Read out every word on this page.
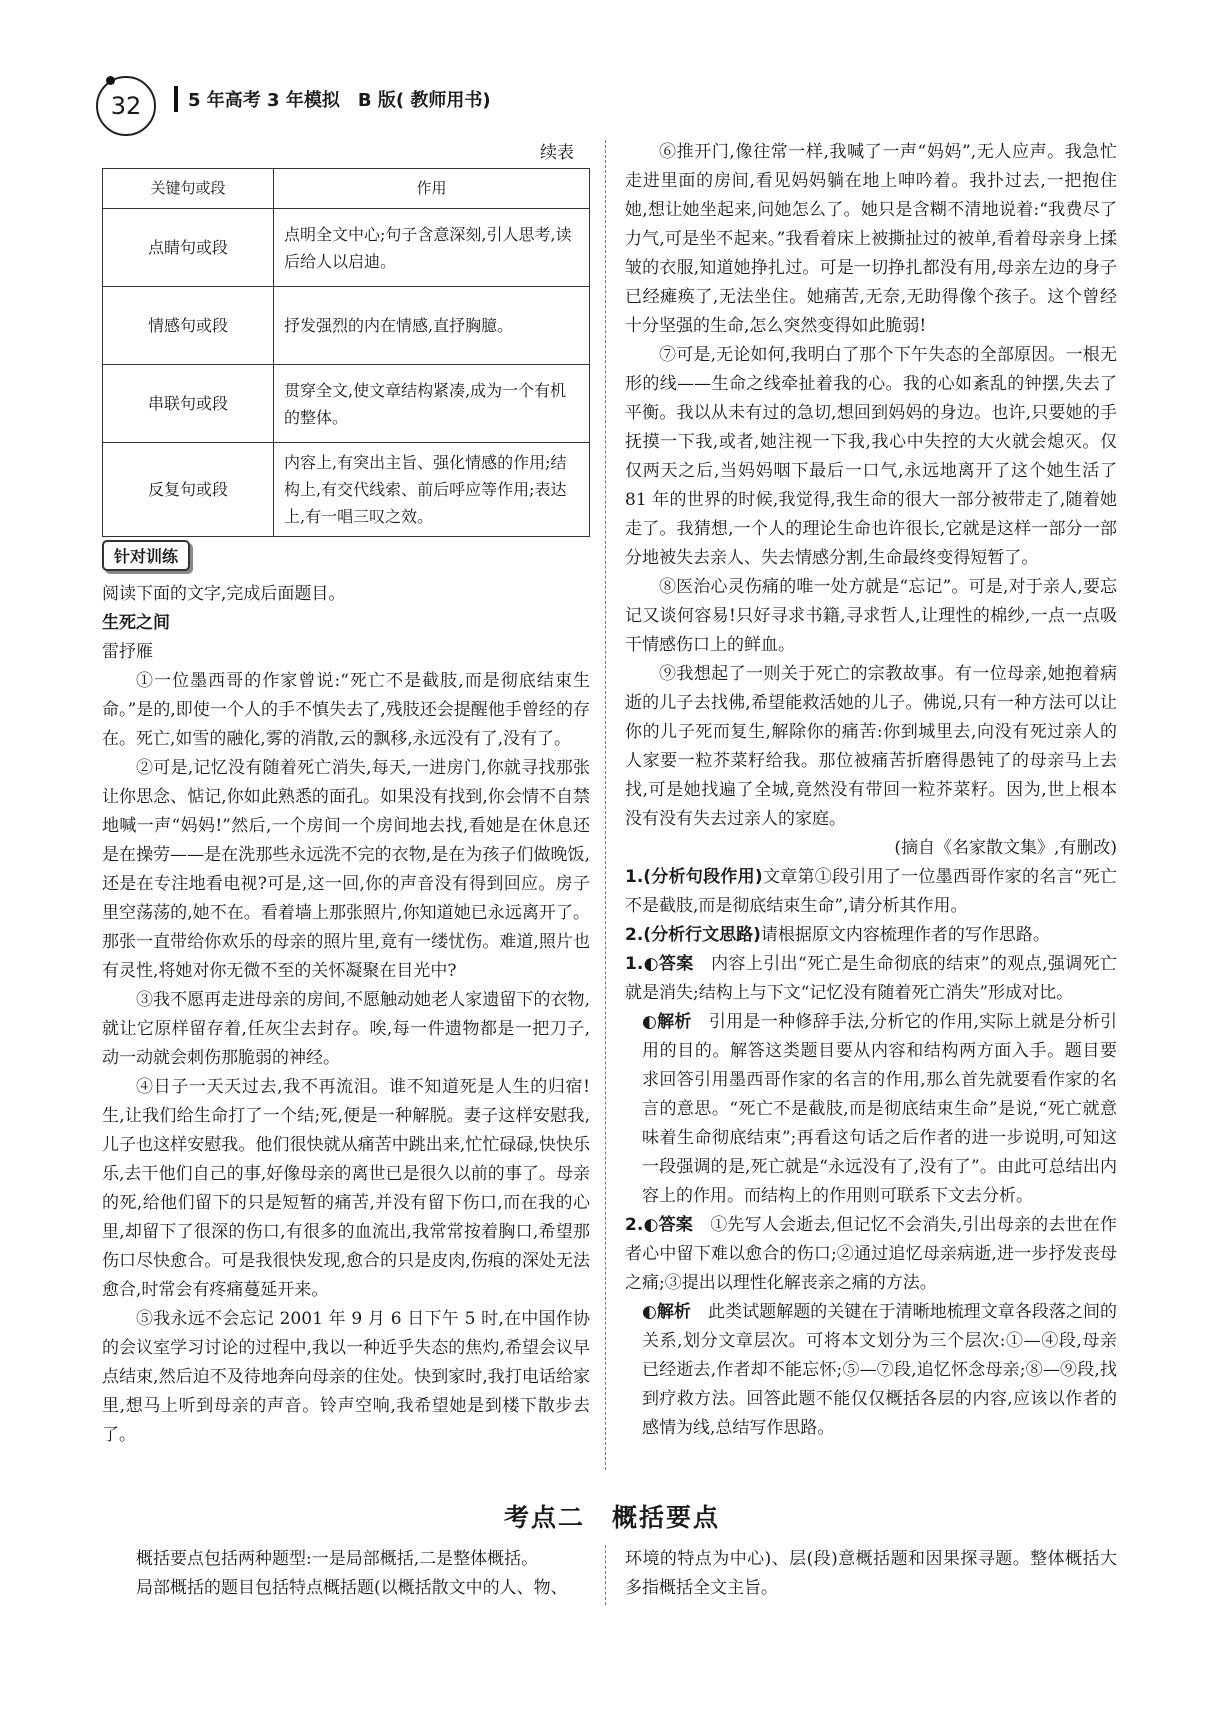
32	5 年高考 3 年模拟　B 版( 教师用书)
续表
关键句或段	作用
点睛句或段	点明全文中心;句子含意深刻,引人思考,读后给人以启迪。
情感句或段	抒发强烈的内在情感,直抒胸臆。
串联句或段	贯穿全文,使文章结构紧凑,成为一个有机的整体。
反复句或段	内容上,有突出主旨、强化情感的作用;结构上,有交代线索、前后呼应等作用;表达上,有一唱三叹之效。
针对训练

阅读下面的文字,完成后面题目。

生死之间

雷抒雁

①一位墨西哥的作家曾说:“死亡不是截肢,而是彻底结束生命。”是的,即使一个人的手不慎失去了,残肢还会提醒他手曾经的存在。死亡,如雪的融化,雾的消散,云的飘移,永远没有了,没有了。

②可是,记忆没有随着死亡消失,每天,一进房门,你就寻找那张让你思念、惦记,你如此熟悉的面孔。如果没有找到,你会情不自禁地喊一声“妈妈!”然后,一个房间一个房间地去找,看她是在休息还是在操劳——是在洗那些永远洗不完的衣物,是在为孩子们做晚饭,还是在专注地看电视?可是,这一回,你的声音没有得到回应。房子里空荡荡的,她不在。看着墙上那张照片,你知道她已永远离开了。那张一直带给你欢乐的母亲的照片里,竟有一缕忧伤。难道,照片也有灵性,将她对你无微不至的关怀凝聚在目光中?

③我不愿再走进母亲的房间,不愿触动她老人家遗留下的衣物,就让它原样留存着,任灰尘去封存。唉,每一件遗物都是一把刀子,动一动就会刺伤那脆弱的神经。

④日子一天天过去,我不再流泪。谁不知道死是人生的归宿!生,让我们给生命打了一个结;死,便是一种解脱。妻子这样安慰我,儿子也这样安慰我。他们很快就从痛苦中跳出来,忙忙碌碌,快快乐乐,去干他们自己的事,好像母亲的离世已是很久以前的事了。母亲的死,给他们留下的只是短暂的痛苦,并没有留下伤口,而在我的心里,却留下了很深的伤口,有很多的血流出,我常常按着胸口,希望那伤口尽快愈合。可是我很快发现,愈合的只是皮肉,伤痕的深处无法愈合,时常会有疼痛蔓延开来。

⑤我永远不会忘记 2001 年 9 月 6 日下午 5 时,在中国作协的会议室学习讨论的过程中,我以一种近乎失态的焦灼,希望会议早点结束,然后迫不及待地奔向母亲的住处。快到家时,我打电话给家里,想马上听到母亲的声音。铃声空响,我希望她是到楼下散步去了。

⑥推开门,像往常一样,我喊了一声“妈妈”,无人应声。我急忙走进里面的房间,看见妈妈躺在地上呻吟着。我扑过去,一把抱住她,想让她坐起来,问她怎么了。她只是含糊不清地说着:“我费尽了力气,可是坐不起来。”我看着床上被撕扯过的被单,看着母亲身上揉皱的衣服,知道她挣扎过。可是一切挣扎都没有用,母亲左边的身子已经瘫痪了,无法坐住。她痛苦,无奈,无助得像个孩子。这个曾经十分坚强的生命,怎么突然变得如此脆弱!

⑦可是,无论如何,我明白了那个下午失态的全部原因。一根无形的线——生命之线牵扯着我的心。我的心如紊乱的钟摆,失去了平衡。我以从未有过的急切,想回到妈妈的身边。也许,只要她的手抚摸一下我,或者,她注视一下我,我心中失控的大火就会熄灭。仅仅两天之后,当妈妈咽下最后一口气,永远地离开了这个她生活了 81 年的世界的时候,我觉得,我生命的很大一部分被带走了,随着她走了。我猜想,一个人的理论生命也许很长,它就是这样一部分一部分地被失去亲人、失去情感分割,生命最终变得短暂了。

⑧医治心灵伤痛的唯一处方就是“忘记”。可是,对于亲人,要忘记又谈何容易!只好寻求书籍,寻求哲人,让理性的棉纱,一点一点吸干情感伤口上的鲜血。

⑨我想起了一则关于死亡的宗教故事。有一位母亲,她抱着病逝的儿子去找佛,希望能救活她的儿子。佛说,只有一种方法可以让你的儿子死而复生,解除你的痛苦:你到城里去,向没有死过亲人的人家要一粒芥菜籽给我。那位被痛苦折磨得愚钝了的母亲马上去找,可是她找遍了全城,竟然没有带回一粒芥菜籽。因为,世上根本没有没有失去过亲人的家庭。

(摘自《名家散文集》,有删改)

1.(分析句段作用)文章第①段引用了一位墨西哥作家的名言“死亡不是截肢,而是彻底结束生命”,请分析其作用。

2.(分析行文思路)请根据原文内容梳理作者的写作思路。

1.◐答案　 内容上引出“死亡是生命彻底的结束”的观点,强调死亡就是消失;结构上与下文“记忆没有随着死亡消失”形成对比。

◐解析　 引用是一种修辞手法,分析它的作用,实际上就是分析引用的目的。解答这类题目要从内容和结构两方面入手。题目要求回答引用墨西哥作家的名言的作用,那么首先就要看作家的名言的意思。“死亡不是截肢,而是彻底结束生命”是说,“死亡就意味着生命彻底结束”;再看这句话之后作者的进一步说明,可知这一段强调的是,死亡就是“永远没有了,没有了”。由此可总结出内容上的作用。而结构上的作用则可联系下文去分析。

2.◐答案　 ①先写人会逝去,但记忆不会消失,引出母亲的去世在作者心中留下难以愈合的伤口;②通过追忆母亲病逝,进一步抒发丧母之痛;③提出以理性化解丧亲之痛的方法。

◐解析　 此类试题解题的关键在于清晰地梳理文章各段落之间的关系,划分文章层次。可将本文划分为三个层次:①—④段,母亲已经逝去,作者却不能忘怀;⑤—⑦段,追忆怀念母亲;⑧—⑨段,找到疗救方法。回答此题不能仅仅概括各层的内容,应该以作者的感情为线,总结写作思路。

考点二　概括要点

概括要点包括两种题型:一是局部概括,二是整体概括。

局部概括的题目包括特点概括题(以概括散文中的人、物、

环境的特点为中心)、层(段)意概括题和因果探寻题。整体概括大多指概括全文主旨。
